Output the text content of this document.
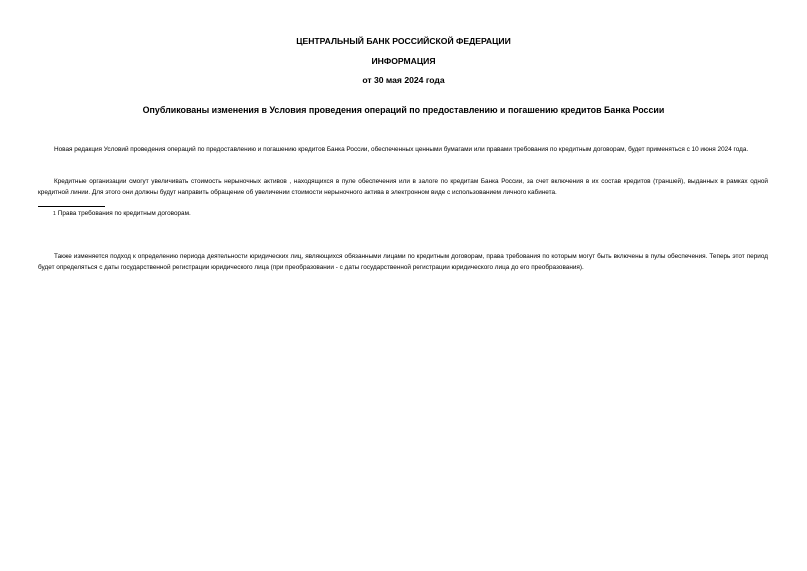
ЦЕНТРАЛЬНЫЙ БАНК РОССИЙСКОЙ ФЕДЕРАЦИИ
ИНФОРМАЦИЯ
от 30 мая 2024 года
Опубликованы изменения в Условия проведения операций по предоставлению и погашению кредитов Банка России

Новая редакция Условий проведения операций по предоставлению и погашению кредитов Банка России, обеспеченных ценными бумагами или правами требования по кредитным договорам, будет применяться с 10 июня 2024 года.

Кредитные организации смогут увеличивать стоимость нерыночных активов , находящихся в пуле обеспечения или в залоге по кредитам Банка России, за счет включения в их состав кредитов (траншей), выданных в рамках одной кредитной линии. Для этого они должны будут направить обращение об увеличении стоимости нерыночного актива в электронном виде с использованием личного кабинета.

1 Права требования по кредитным договорам.

Также изменяется подход к определению периода деятельности юридических лиц, являющихся обязанными лицами по кредитным договорам, права требования по которым могут быть включены в пулы обеспечения. Теперь этот период будет определяться с даты государственной регистрации юридического лица (при преобразовании - с даты государственной регистрации юридического лица до его преобразования).
